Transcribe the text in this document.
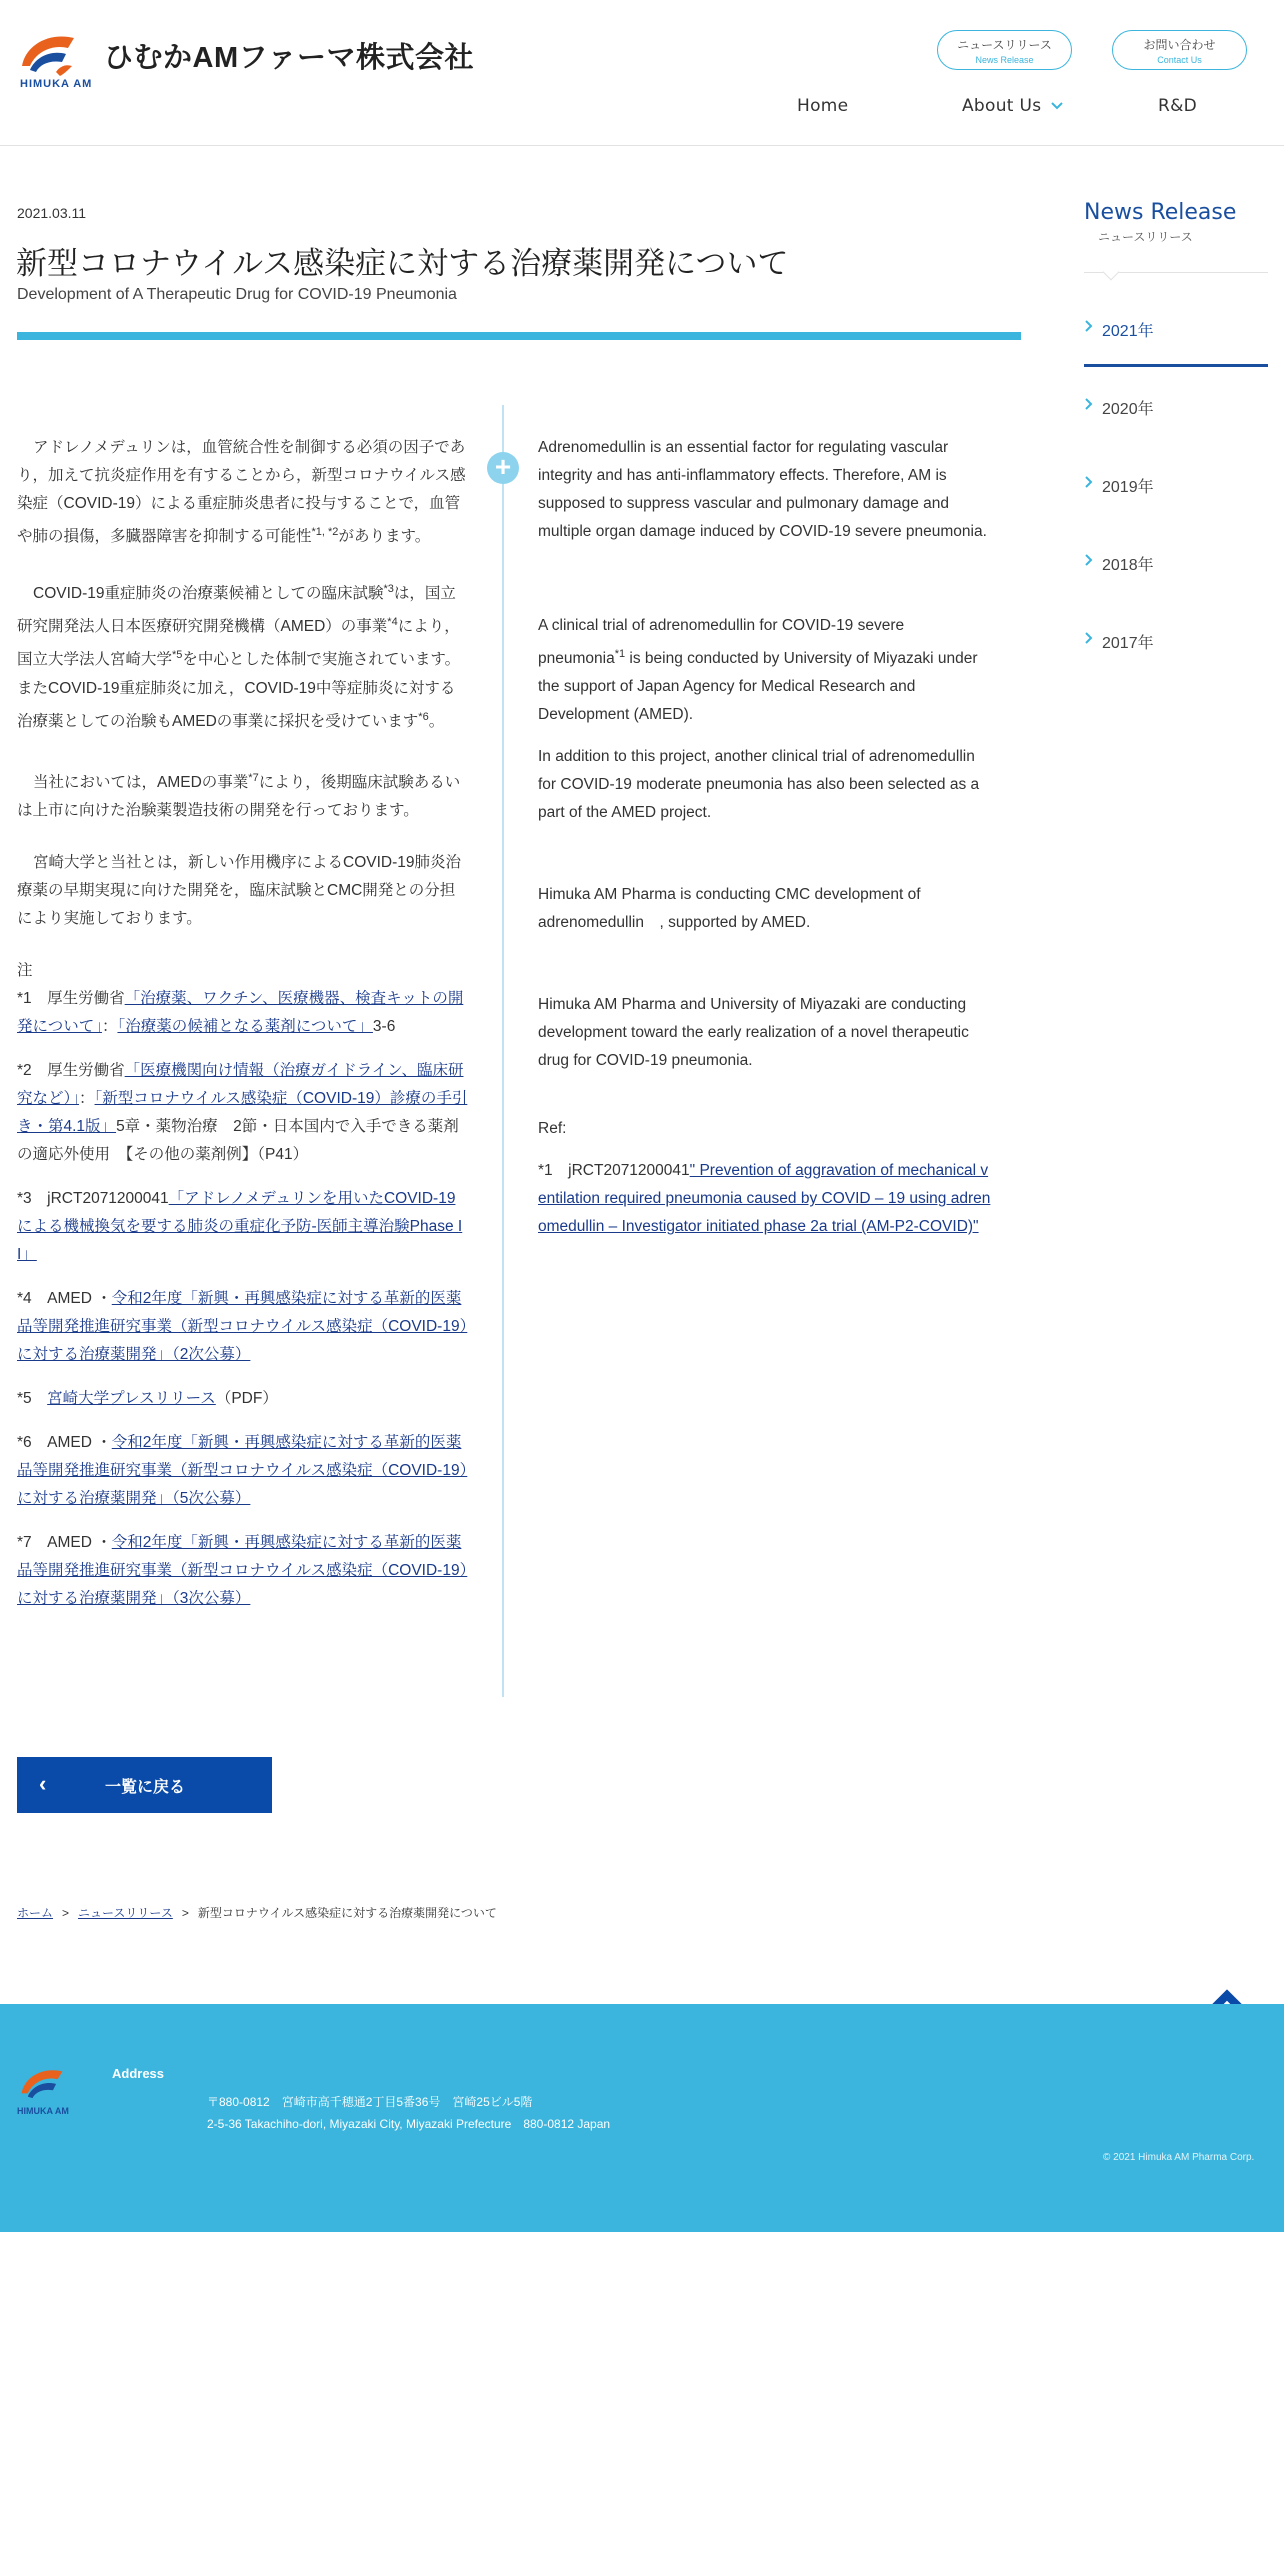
HIMUKA AM
ひむかAMファーマ株式会社	ニュースリリース
News Release
お問い合わせ
Contact Us
Home	About Us	R&D
2021.03.11
新型コロナウイルス感染症に対する治療薬開発について
Development of A Therapeutic Drug for COVID-19 Pneumonia

アドレノメデュリンは，血管統合性を制御する必須の因子であり，加えて抗炎症作用を有することから，新型コロナウイルス感染症（COVID-19）による重症肺炎患者に投与することで，血管や肺の損傷，多臓器障害を抑制する可能性$^{*1, *2}$があります。

COVID-19重症肺炎の治療薬候補としての臨床試験$^{*3}$は，国立研究開発法人日本医療研究開発機構（AMED）の事業$^{*4}$により，国立大学法人宮崎大学$^{*5}$を中心とした体制で実施されています。
またCOVID-19重症肺炎に加え，COVID-19中等症肺炎に対する治療薬としての治験もAMEDの事業に採択を受けています$^{*6}$。

当社においては，AMEDの事業$^{*7}$により，後期臨床試験あるいは上市に向けた治験薬製造技術の開発を行っております。

宮崎大学と当社とは，新しい作用機序によるCOVID-19肺炎治療薬の早期実現に向けた開発を，臨床試験とCMC開発との分担により実施しております。

注

*1　厚生労働省「治療薬、ワクチン、医療機器、検査キットの開発について」：「治療薬の候補となる薬剤について」3-6

*2　厚生労働省「医療機関向け情報（治療ガイドライン、臨床研究など）」：「新型コロナウイルス感染症（COVID-19）診療の手引き・第4.1版」5章・薬物治療　2節・日本国内で入手できる薬剤の適応外使用　【その他の薬剤例】（P41）

*3　jRCT2071200041「アドレノメデュリンを用いたCOVID-19による機械換気を要する肺炎の重症化予防-医師主導治験Phase II」

*4　AMED ・令和2年度「新興・再興感染症に対する革新的医薬品等開発推進研究事業（新型コロナウイルス感染症（COVID-19）に対する治療薬開発」（2次公募）

*5　宮崎大学プレスリリース（PDF）

*6　AMED ・令和2年度「新興・再興感染症に対する革新的医薬品等開発推進研究事業（新型コロナウイルス感染症（COVID-19）に対する治療薬開発」（5次公募）

*7　AMED ・令和2年度「新興・再興感染症に対する革新的医薬品等開発推進研究事業（新型コロナウイルス感染症（COVID-19）に対する治療薬開発」（3次公募）

+

Adrenomedullin is an essential factor for regulating vascular integrity and has anti-inflammatory effects. Therefore, AM is supposed to suppress vascular and pulmonary damage and multiple organ damage induced by COVID-19 severe pneumonia.

A clinical trial of adrenomedullin for COVID-19 severe pneumonia$^{*1}$ is being conducted by University of Miyazaki under the support of Japan Agency for Medical Research and Development (AMED).

In addition to this project, another clinical trial of adrenomedullin for COVID-19 moderate pneumonia has also been selected as a part of the AMED project.

Himuka AM Pharma is conducting CMC development of adrenomedullin　, supported by AMED.

Himuka AM Pharma and University of Miyazaki are conducting development toward the early realization of a novel therapeutic drug for COVID-19 pneumonia.

Ref:

*1　jRCT2071200041" Prevention of aggravation of mechanical ventilation required pneumonia caused by COVID – 19 using adrenomedullin – Investigator initiated phase 2a trial (AM-P2-COVID)"

News Release
ニュースリリース
2021年
2020年
2019年
2018年
2017年
‹	一覧に戻る
ホーム > ニュースリリース > 新型コロナウイルス感染症に対する治療薬開発について
HIMUKA AM
Address
〒880-0812　宮崎市高千穂通2丁目5番36号　宮崎25ビル5階
2-5-36 Takachiho-dori, Miyazaki City, Miyazaki Prefecture　880-0812 Japan
© 2021 Himuka AM Pharma Corp.
